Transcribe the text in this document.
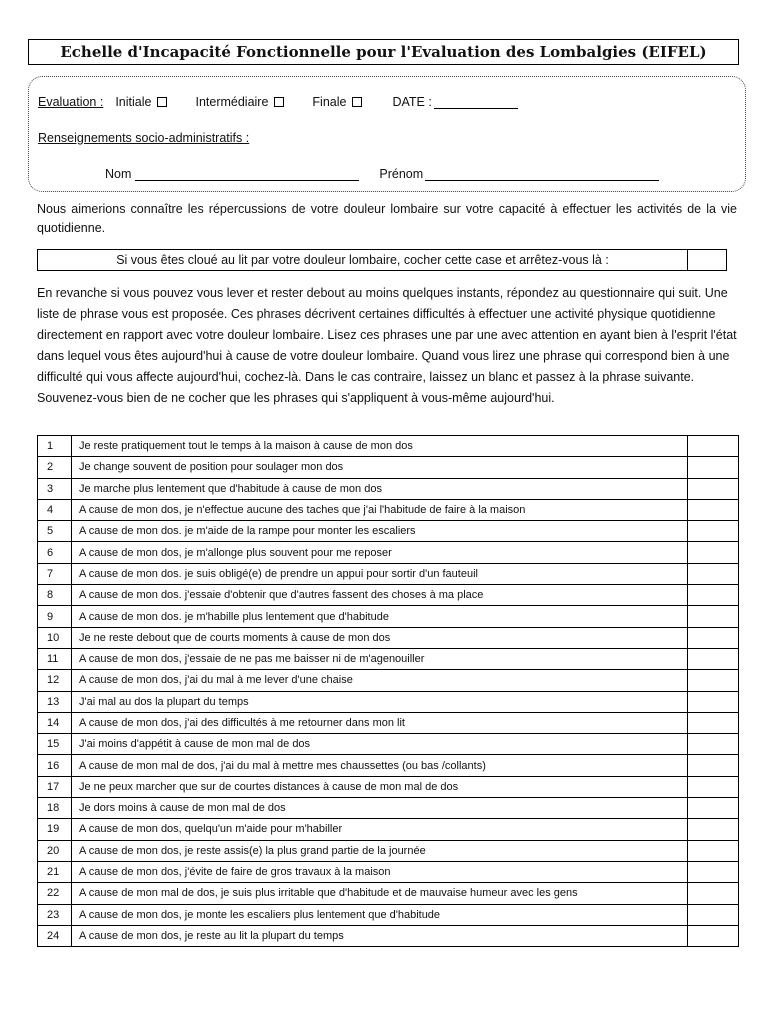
Echelle d'Incapacité Fonctionnelle pour l'Evaluation des Lombalgies (EIFEL)
Evaluation : Initiale	Intermédiaire	Finale	DATE :
Renseignements socio-administratifs :
Nom	Prénom
Nous aimerions connaître les répercussions de votre douleur lombaire sur votre capacité à effectuer les activités de la vie quotidienne.
Si vous êtes cloué au lit par votre douleur lombaire, cocher cette case et arrêtez-vous là :
En revanche si vous pouvez vous lever et rester debout au moins quelques instants, répondez au questionnaire qui suit. Une liste de phrase vous est proposée. Ces phrases décrivent certaines difficultés à effectuer une activité physique quotidienne directement en rapport avec votre douleur lombaire. Lisez ces phrases une par une avec attention en ayant bien à l'esprit l'état dans lequel vous êtes aujourd'hui à cause de votre douleur lombaire. Quand vous lirez une phrase qui correspond bien à une difficulté qui vous affecte aujourd'hui, cochez-là. Dans le cas contraire, laissez un blanc et passez à la phrase suivante. Souvenez-vous bien de ne cocher que les phrases qui s'appliquent à vous-même aujourd'hui.
1	Je reste pratiquement tout le temps à la maison à cause de mon dos	
2	Je change souvent de position pour soulager mon dos	
3	Je marche plus lentement que d'habitude à cause de mon dos	
4	A cause de mon dos, je n'effectue aucune des taches que j'ai l'habitude de faire à la maison	
5	A cause de mon dos. je m'aide de la rampe pour monter les escaliers	
6	A cause de mon dos, je m'allonge plus souvent pour me reposer	
7	A cause de mon dos. je suis obligé(e) de prendre un appui pour sortir d'un fauteuil	
8	A cause de mon dos. j'essaie d'obtenir que d'autres fassent des choses à ma place	
9	A cause de mon dos. je m'habille plus lentement que d'habitude	
10	Je ne reste debout que de courts moments à cause de mon dos	
11	A cause de mon dos, j'essaie de ne pas me baisser ni de m'agenouiller	
12	A cause de mon dos, j'ai du mal à me lever d'une chaise	
13	J'ai mal au dos la plupart du temps	
14	A cause de mon dos, j'ai des difficultés à me retourner dans mon lit	
15	J'ai moins d'appétit à cause de mon mal de dos	
16	A cause de mon mal de dos, j'ai du mal à mettre mes chaussettes (ou bas /collants)	
17	Je ne peux marcher que sur de courtes distances à cause de mon mal de dos	
18	Je dors moins à cause de mon mal de dos	
19	A cause de mon dos, quelqu'un m'aide pour m'habiller	
20	A cause de mon dos, je reste assis(e) la plus grand partie de la journée	
21	A cause de mon dos, j'évite de faire de gros travaux à la maison	
22	A cause de mon mal de dos, je suis plus irritable que d'habitude et de mauvaise humeur avec les gens	
23	A cause de mon dos, je monte les escaliers plus lentement que d'habitude	
24	A cause de mon dos, je reste au lit la plupart du temps	
